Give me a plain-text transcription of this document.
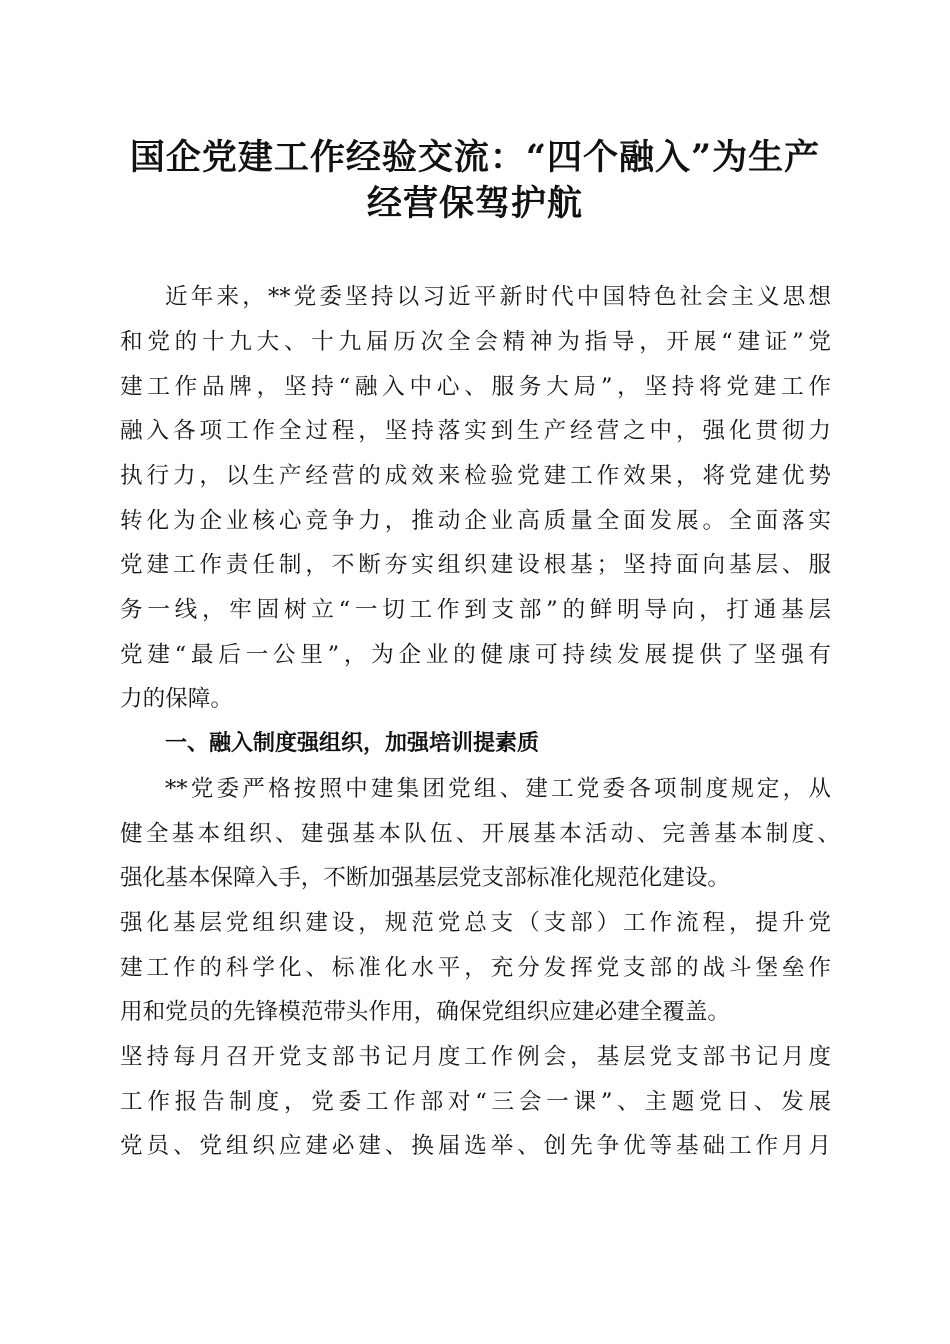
国企党建工作经验交流：“四个融入”为生产
经营保驾护航
近年来，**党委坚持以习近平新时代中国特色社会主义思想
和党的十九大、十九届历次全会精神为指导，开展“建证”党
建工作品牌，坚持“融入中心、服务大局”，坚持将党建工作
融入各项工作全过程，坚持落实到生产经营之中，强化贯彻力
执行力，以生产经营的成效来检验党建工作效果，将党建优势
转化为企业核心竞争力，推动企业高质量全面发展。全面落实
党建工作责任制，不断夯实组织建设根基；坚持面向基层、服
务一线，牢固树立“一切工作到支部”的鲜明导向，打通基层
党建“最后一公里”，为企业的健康可持续发展提供了坚强有
力的保障。
一、融入制度强组织，加强培训提素质
**党委严格按照中建集团党组、建工党委各项制度规定，从
健全基本组织、建强基本队伍、开展基本活动、完善基本制度、
强化基本保障入手，不断加强基层党支部标准化规范化建设。
强化基层党组织建设，规范党总支（支部）工作流程，提升党
建工作的科学化、标准化水平，充分发挥党支部的战斗堡垒作
用和党员的先锋模范带头作用，确保党组织应建必建全覆盖。
坚持每月召开党支部书记月度工作例会，基层党支部书记月度
工作报告制度，党委工作部对“三会一课”、主题党日、发展
党员、党组织应建必建、换届选举、创先争优等基础工作月月
